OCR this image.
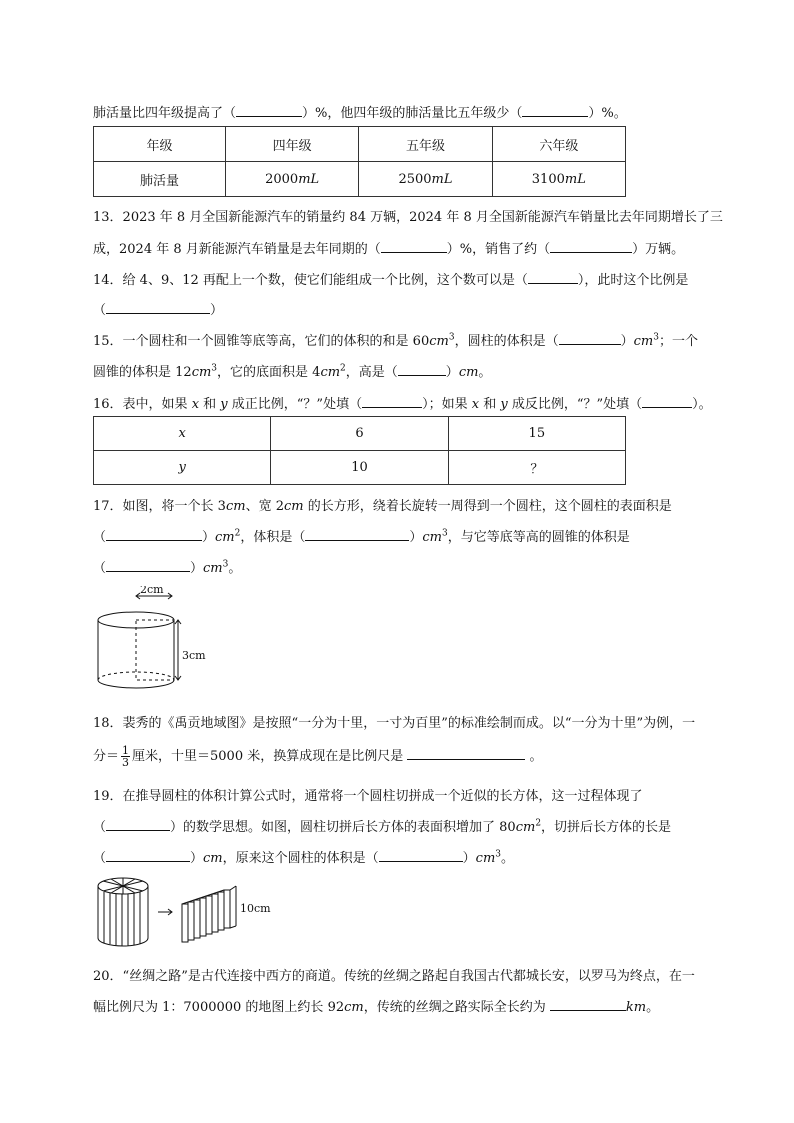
肺活量比四年级提高了（	）%，他四年级的肺活量比五年级少（	）%。
年级	四年级	五年级	六年级
肺活量	2000mL	2500mL	3100mL
13．2023 年 8 月全国新能源汽车的销量约 84 万辆，2024 年 8 月全国新能源汽车销量比去年同期增长了三
成，2024 年 8 月新能源汽车销量是去年同期的（	）%，销售了约（	）万辆。
14．给 4、9、12 再配上一个数，使它们能组成一个比例，这个数可以是（	），此时这个比例是
（	）
15．一个圆柱和一个圆锥等底等高，它们的体积的和是 $60cm^3$，圆柱的体积是（	）$cm^3$；一个
圆锥的体积是 $12cm^3$，它的底面积是 $4cm^2$，高是（	）cm。
16．表中，如果 x 和 y 成正比例，“？”处填（	）；如果 x 和 y 成反比例，“？”处填（	）。
x	6	15
y	10	？
17．如图，将一个长 3cm、宽 2cm 的长方形，绕着长旋转一周得到一个圆柱，这个圆柱的表面积是
（	）$cm^2$，体积是（	）$cm^3$，与它等底等高的圆锥的体积是
（	）$cm^3$。
2cm
3cm
18．裴秀的《禹贡地域图》是按照“一分为十里，一寸为百里”的标准绘制而成。以“一分为十里”为例，一
分＝ $\frac{1}{3}$ 厘米，十里＝5000 米，换算成现在是比例尺是	。
19．在推导圆柱的体积计算公式时，通常将一个圆柱切拼成一个近似的长方体，这一过程体现了
（	）的数学思想。如图，圆柱切拼后长方体的表面积增加了 $80cm^2$，切拼后长方体的长是
（	）cm，原来这个圆柱的体积是（	）$cm^3$。
10cm
20．“丝绸之路”是古代连接中西方的商道。传统的丝绸之路起自我国古代都城长安，以罗马为终点，在一
幅比例尺为 1：7000000 的地图上约长 92cm，传统的丝绸之路实际全长约为	km。
